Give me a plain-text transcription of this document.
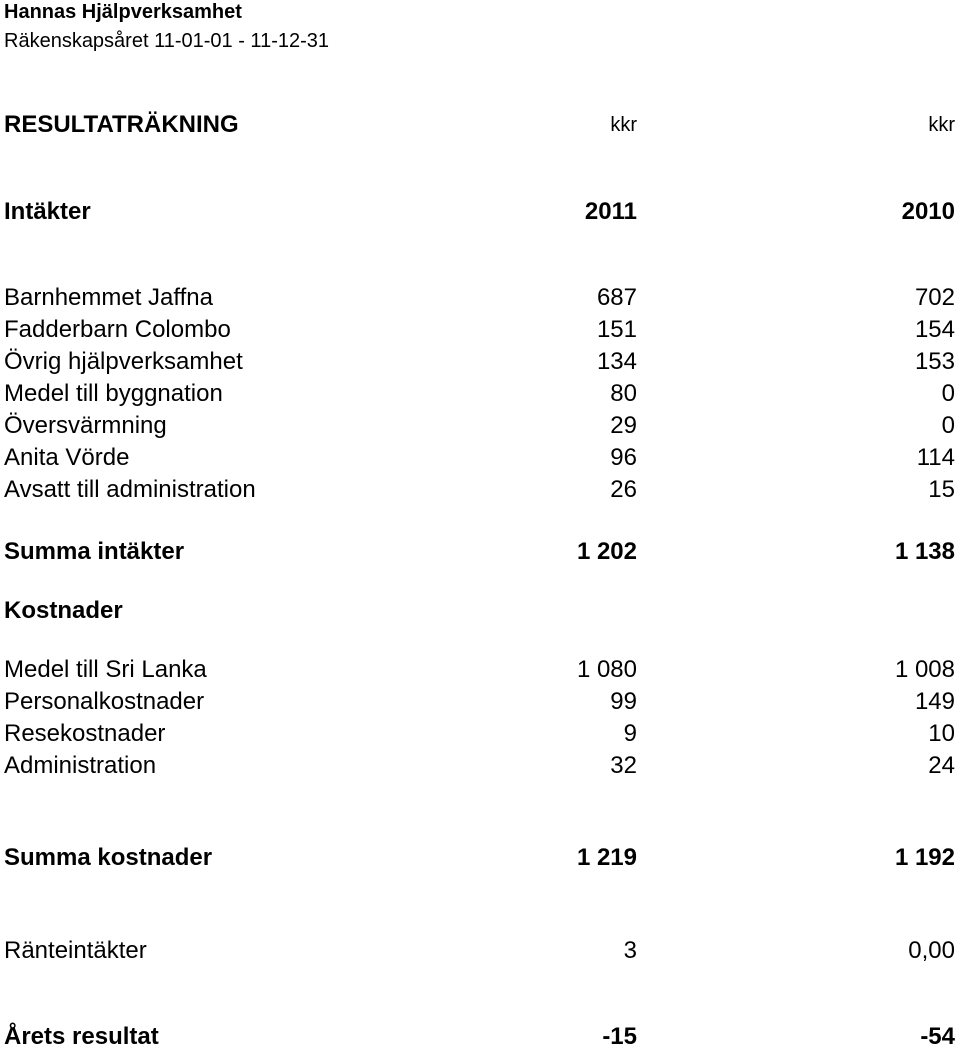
Hannas Hjälpverksamhet
Räkenskapsåret 11-01-01 - 11-12-31
RESULTATRÄKNING	kkr	kkr
Intäkter	2011	2010
Barnhemmet Jaffna	687	702
Fadderbarn Colombo	151	154
Övrig hjälpverksamhet	134	153
Medel till byggnation	80	0
Översvärmning	29	0
Anita Vörde	96	114
Avsatt till administration	26	15
Summa intäkter	1 202	1 138
Kostnader
Medel till Sri Lanka	1 080	1 008
Personalkostnader	99	149
Resekostnader	9	10
Administration	32	24
Summa kostnader	1 219	1 192
Ränteintäkter	3	0,00
Årets resultat	-15	-54
